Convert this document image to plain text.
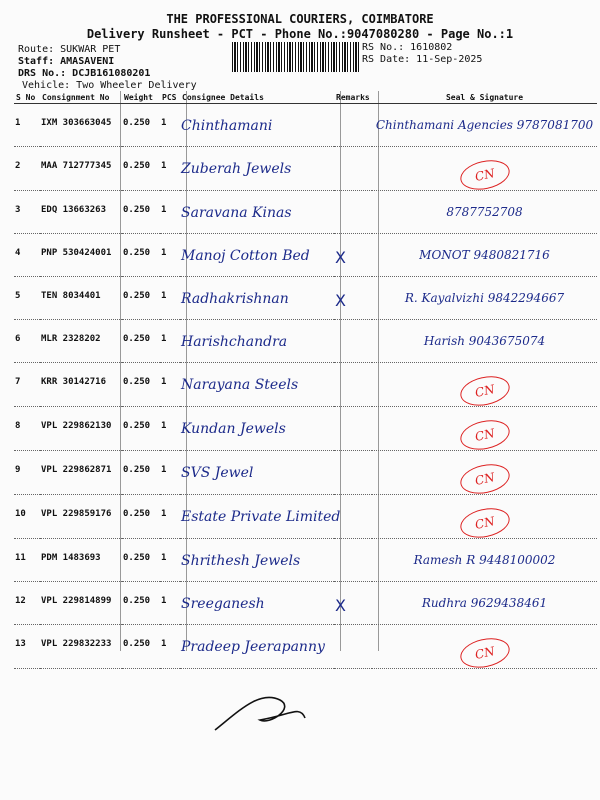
THE PROFESSIONAL COURIERS, COIMBATORE
Delivery Runsheet - PCT - Phone No.:9047080280 - Page No.:1
Route: SUKWAR PET
Staff: AMASAVENI
DRS No.: DCJB161080201
Vehicle: Two Wheeler Delivery
RS No.: 1610802
RS Date: 11-Sep-2025
S No	Consignment No	Weight	PCS	Consignee Details	Remarks	Seal & Signature
1	IXM 303663045	0.250	1	Chinthamani		Chinthamani Agencies 9787081700
2	MAA 712777345	0.250	1	Zuberah Jewels		CN
3	EDQ 13663263	0.250	1	Saravana Kinas		8787752708
4	PNP 530424001	0.250	1	Manoj Cotton Bed	X	MONOT 9480821716
5	TEN 8034401	0.250	1	Radhakrishnan	X	R. Kayalvizhi 9842294667
6	MLR 2328202	0.250	1	Harishchandra		Harish 9043675074
7	KRR 30142716	0.250	1	Narayana Steels		CN
8	VPL 229862130	0.250	1	Kundan Jewels		CN
9	VPL 229862871	0.250	1	SVS Jewel		CN
10	VPL 229859176	0.250	1	Estate Private Limited		CN
11	PDM 1483693	0.250	1	Shrithesh Jewels		Ramesh R 9448100002
12	VPL 229814899	0.250	1	Sreeganesh	X	Rudhra 9629438461
13	VPL 229832233	0.250	1	Pradeep Jeerapanny		CN
